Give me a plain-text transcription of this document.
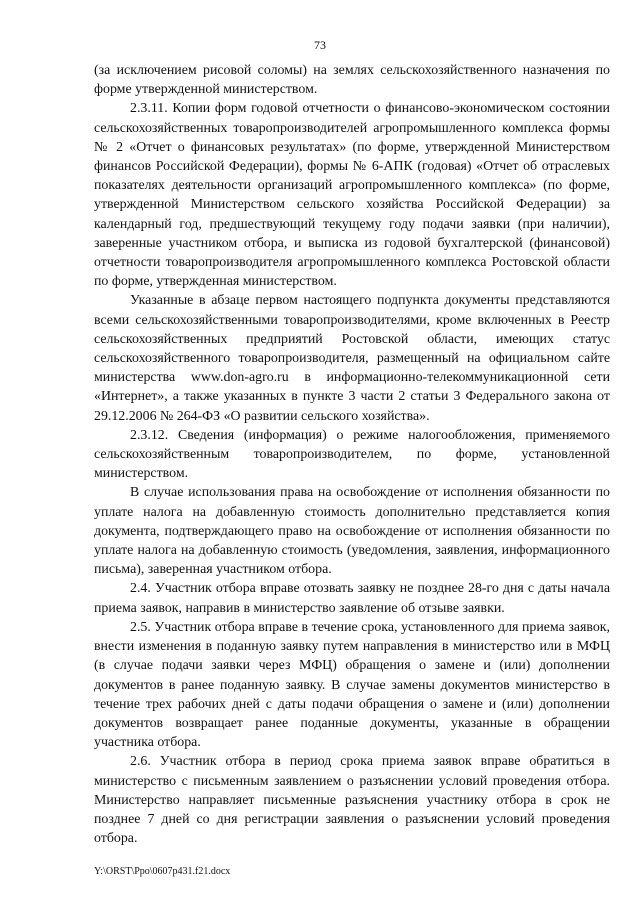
73

(за исключением рисовой соломы) на землях сельскохозяйственного назначения по форме утвержденной министерством.

2.3.11. Копии форм годовой отчетности о финансово-экономическом состоянии сельскохозяйственных товаропроизводителей агропромышленного комплекса формы № 2 «Отчет о финансовых результатах» (по форме, утвержденной Министерством финансов Российской Федерации), формы № 6-АПК (годовая) «Отчет об отраслевых показателях деятельности организаций агропромышленного комплекса» (по форме, утвержденной Министерством сельского хозяйства Российской Федерации) за календарный год, предшествующий текущему году подачи заявки (при наличии), заверенные участником отбора, и выписка из годовой бухгалтерской (финансовой) отчетности товаропроизводителя агропромышленного комплекса Ростовской области по форме, утвержденная министерством.

Указанные в абзаце первом настоящего подпункта документы представляются всеми сельскохозяйственными товаропроизводителями, кроме включенных в Реестр сельскохозяйственных предприятий Ростовской области, имеющих статус сельскохозяйственного товаропроизводителя, размещенный на официальном сайте министерства www.don-agro.ru в информационно-телекоммуникационной сети «Интернет», а также указанных в пункте 3 части 2 статьи 3 Федерального закона от 29.12.2006 № 264-ФЗ «О развитии сельского хозяйства».

2.3.12. Сведения (информация) о режиме налогообложения, применяемого сельскохозяйственным товаропроизводителем, по форме, установленной министерством.

В случае использования права на освобождение от исполнения обязанности по уплате налога на добавленную стоимость дополнительно представляется копия документа, подтверждающего право на освобождение от исполнения обязанности по уплате налога на добавленную стоимость (уведомления, заявления, информационного письма), заверенная участником отбора.

2.4. Участник отбора вправе отозвать заявку не позднее 28-го дня с даты начала приема заявок, направив в министерство заявление об отзыве заявки.

2.5. Участник отбора вправе в течение срока, установленного для приема заявок, внести изменения в поданную заявку путем направления в министерство или в МФЦ (в случае подачи заявки через МФЦ) обращения о замене и (или) дополнении документов в ранее поданную заявку. В случае замены документов министерство в течение трех рабочих дней с даты подачи обращения о замене и (или) дополнении документов возвращает ранее поданные документы, указанные в обращении участника отбора.

2.6. Участник отбора в период срока приема заявок вправе обратиться в министерство с письменным заявлением о разъяснении условий проведения отбора. Министерство направляет письменные разъяснения участнику отбора в срок не позднее 7 дней со дня регистрации заявления о разъяснении условий проведения отбора.

Y:\ORST\Ppo\0607p431.f21.docx
